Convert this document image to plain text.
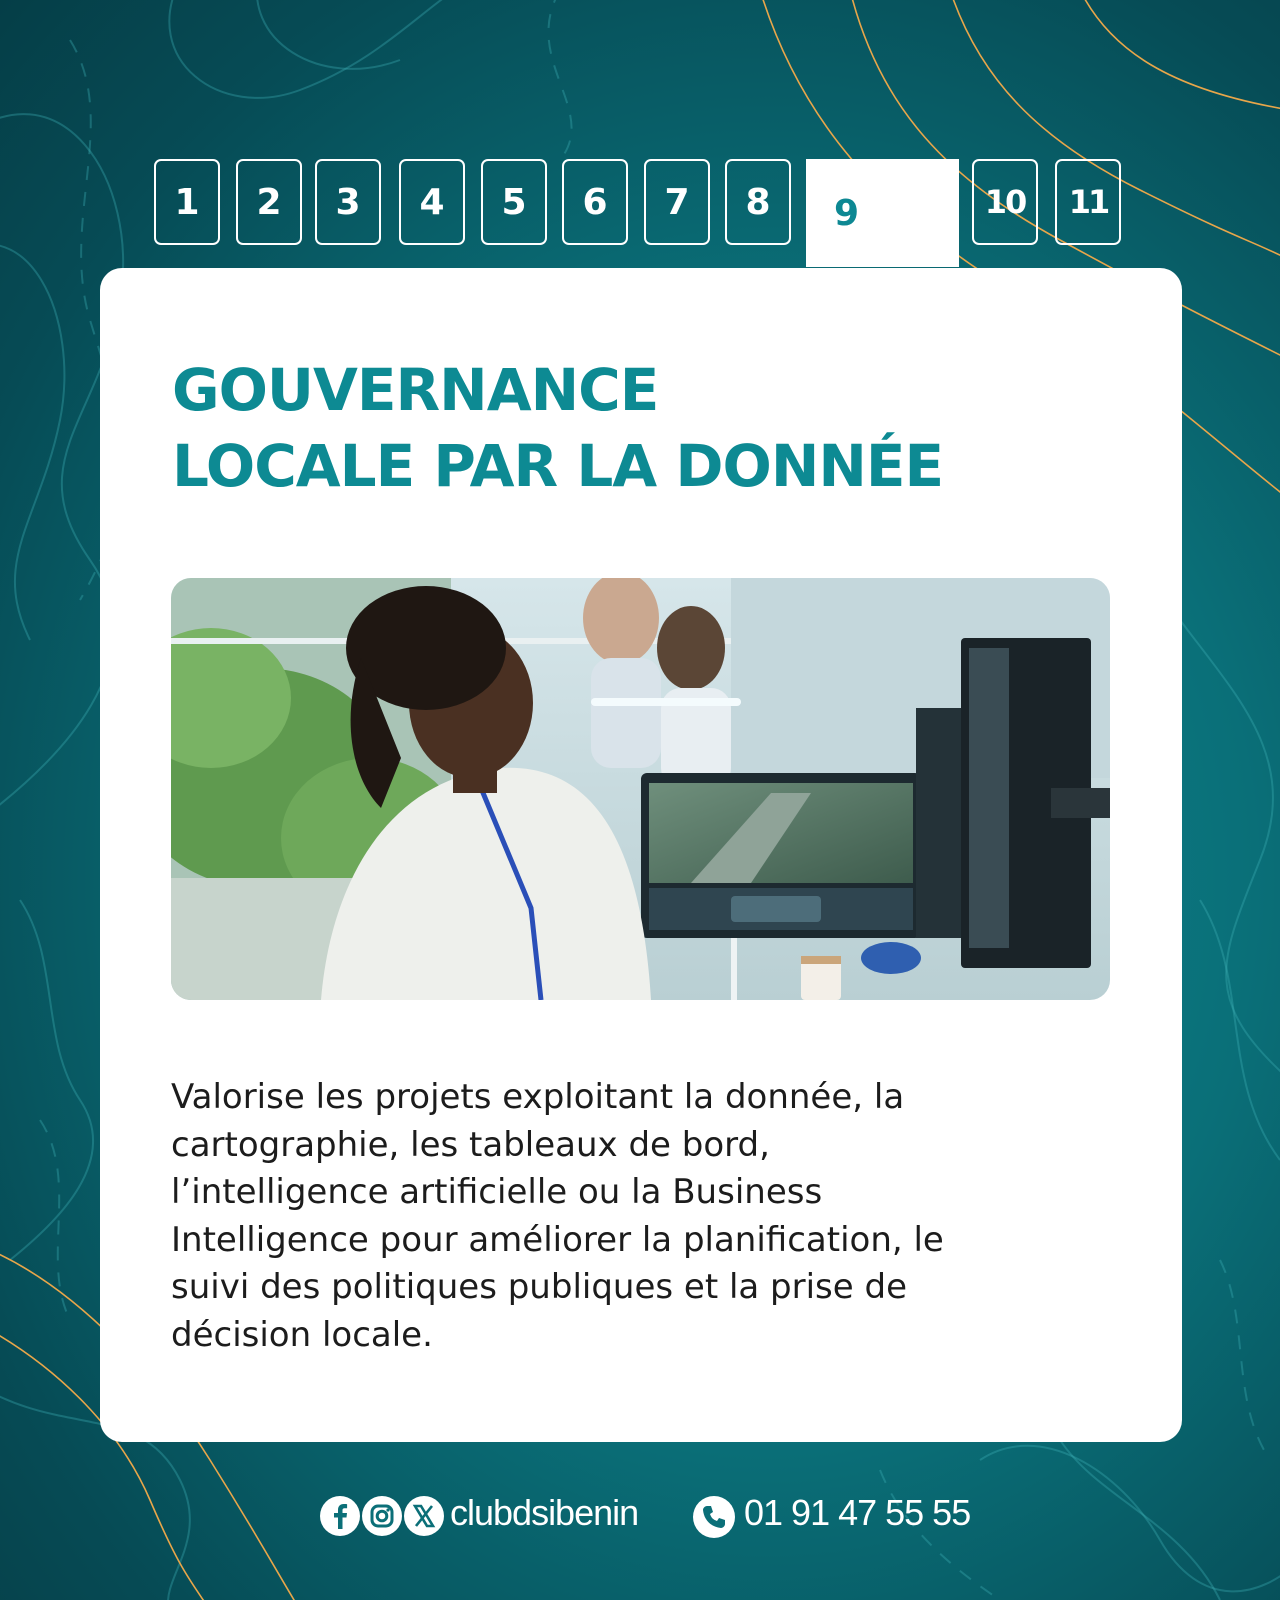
1	2	3	4	5	6	7	8	9	10	11
GOUVERNANCE
LOCALE PAR LA DONNÉE

Valorise les projets exploitant la donnée, la
cartographie, les tableaux de bord,
l’intelligence artificielle ou la Business
Intelligence pour améliorer la planification, le
suivi des politiques publiques et la prise de
décision locale.

clubdsibenin	01 91 47 55 55
